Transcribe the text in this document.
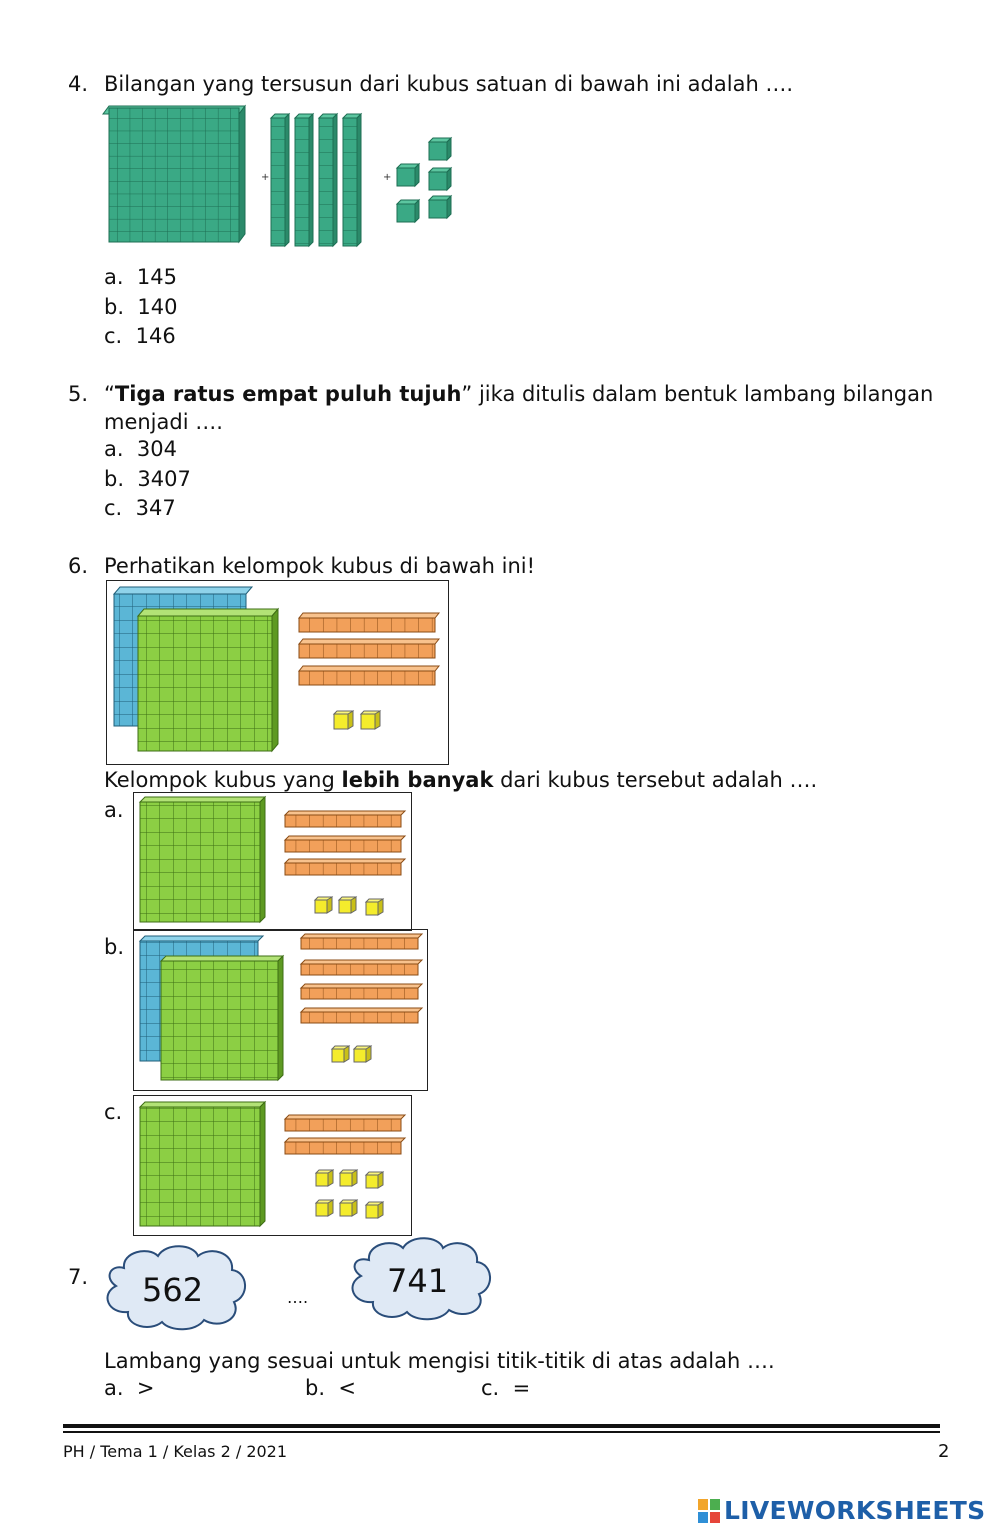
4. Bilangan yang tersusun dari kubus satuan di bawah ini adalah ….
+	+
a. 145
b. 140
c. 146
5. “Tiga ratus empat puluh tujuh” jika ditulis dalam bentuk lambang bilangan
menjadi ….
a. 304
b. 3407
c. 347
6. Perhatikan kelompok kubus di bawah ini!
Kelompok kubus yang lebih banyak dari kubus tersebut adalah ….
a.
b.
c.
7. 562	…. 741
Lambang yang sesuai untuk mengisi titik-titik di atas adalah ….
a. >	b. <	c. =
PH / Tema 1 / Kelas 2 / 2021	2
LIVEWORKSHEETS
